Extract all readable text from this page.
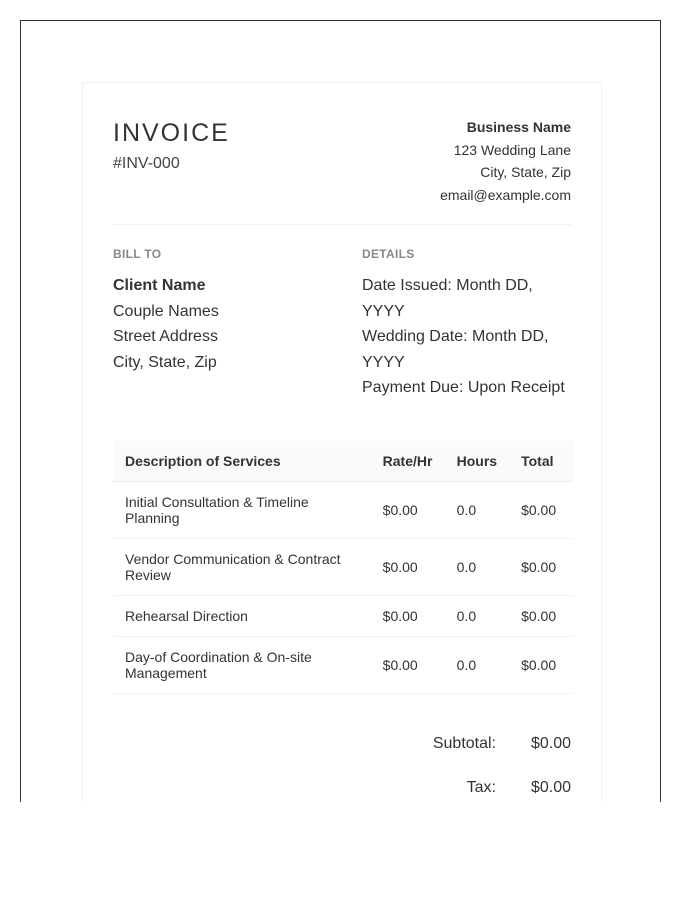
INVOICE
#INV-000
Business Name
123 Wedding Lane
City, State, Zip
email@example.com
BILL TO	DETAILS
Client Name
Couple Names
Street Address
City, State, Zip
Date Issued: Month DD, YYYY
Wedding Date: Month DD, YYYY
Payment Due: Upon Receipt
Description of Services	Rate/Hr	Hours	Total
Initial Consultation & Timeline Planning	$0.00	0.0	$0.00
Vendor Communication & Contract Review	$0.00	0.0	$0.00
Rehearsal Direction	$0.00	0.0	$0.00
Day-of Coordination & On-site Management	$0.00	0.0	$0.00
Subtotal: $0.00
Tax: $0.00
